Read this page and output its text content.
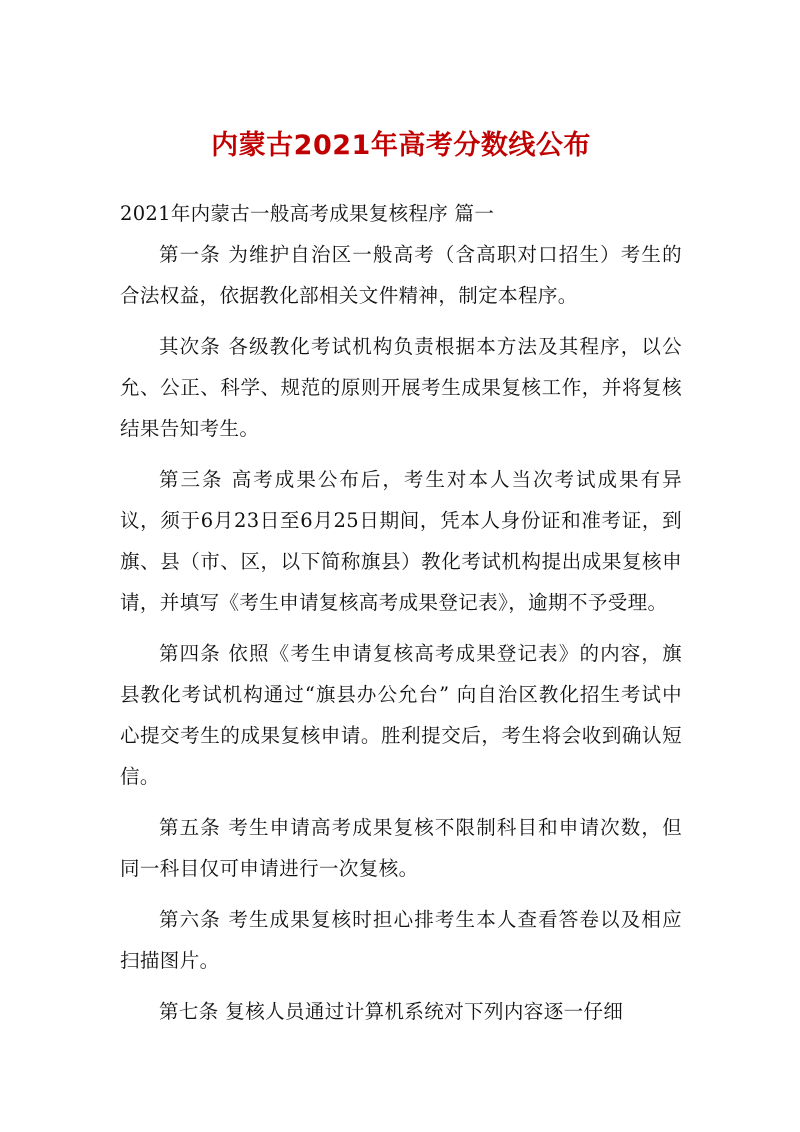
内蒙古2021年高考分数线公布

2021年内蒙古一般高考成果复核程序 篇一

第一条 为维护自治区一般高考（含高职对口招生）考生的合法权益，依据教化部相关文件精神，制定本程序。

其次条 各级教化考试机构负责根据本方法及其程序，以公允、公正、科学、规范的原则开展考生成果复核工作，并将复核结果告知考生。

第三条 高考成果公布后，考生对本人当次考试成果有异议，须于6月23日至6月25日期间，凭本人身份证和准考证，到旗、县（市、区，以下简称旗县）教化考试机构提出成果复核申请，并填写《考生申请复核高考成果登记表》，逾期不予受理。

第四条 依照《考生申请复核高考成果登记表》的内容，旗县教化考试机构通过“旗县办公允台” 向自治区教化招生考试中心提交考生的成果复核申请。胜利提交后，考生将会收到确认短信。

第五条 考生申请高考成果复核不限制科目和申请次数，但同一科目仅可申请进行一次复核。

第六条 考生成果复核时担心排考生本人查看答卷以及相应扫描图片。

第七条 复核人员通过计算机系统对下列内容逐一仔细
